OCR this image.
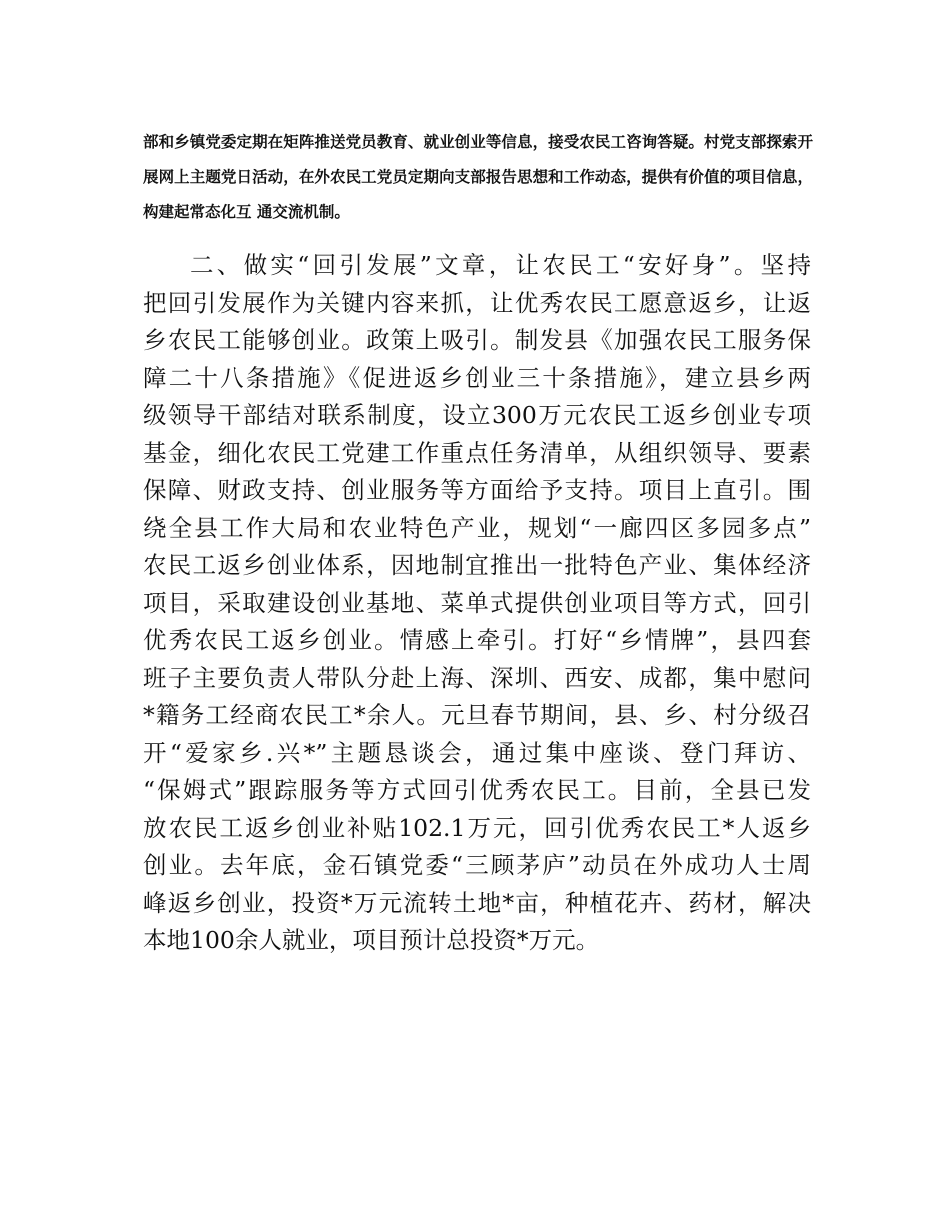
部和乡镇党委定期在矩阵推送党员教育、就业创业等信息，接受农民工咨询答疑。村党支部探索开展网上主题党日活动，在外农民工党员定期向支部报告思想和工作动态，提供有价值的项目信息，构建起常态化互 通交流机制。

二、做实“回引发展”文章，让农民工“安好身”。坚持
把回引发展作为关键内容来抓，让优秀农民工愿意返乡，让返
乡农民工能够创业。政策上吸引。制发县《加强农民工服务保
障二十八条措施》《促进返乡创业三十条措施》，建立县乡两
级领导干部结对联系制度，设立300万元农民工返乡创业专项
基金，细化农民工党建工作重点任务清单，从组织领导、要素
保障、财政支持、创业服务等方面给予支持。项目上直引。围
绕全县工作大局和农业特色产业，规划“一廊四区多园多点”
农民工返乡创业体系，因地制宜推出一批特色产业、集体经济
项目，采取建设创业基地、菜单式提供创业项目等方式，回引
优秀农民工返乡创业。情感上牵引。打好“乡情牌”，县四套
班子主要负责人带队分赴上海、深圳、西安、成都，集中慰问
*籍务工经商农民工*余人。元旦春节期间，县、乡、村分级召
开“爱家乡.兴*”主题恳谈会，通过集中座谈、登门拜访、
“保姆式”跟踪服务等方式回引优秀农民工。目前，全县已发
放农民工返乡创业补贴102.1万元，回引优秀农民工*人返乡
创业。去年底，金石镇党委“三顾茅庐”动员在外成功人士周
峰返乡创业，投资*万元流转土地*亩，种植花卉、药材，解决
本地100余人就业，项目预计总投资*万元。
